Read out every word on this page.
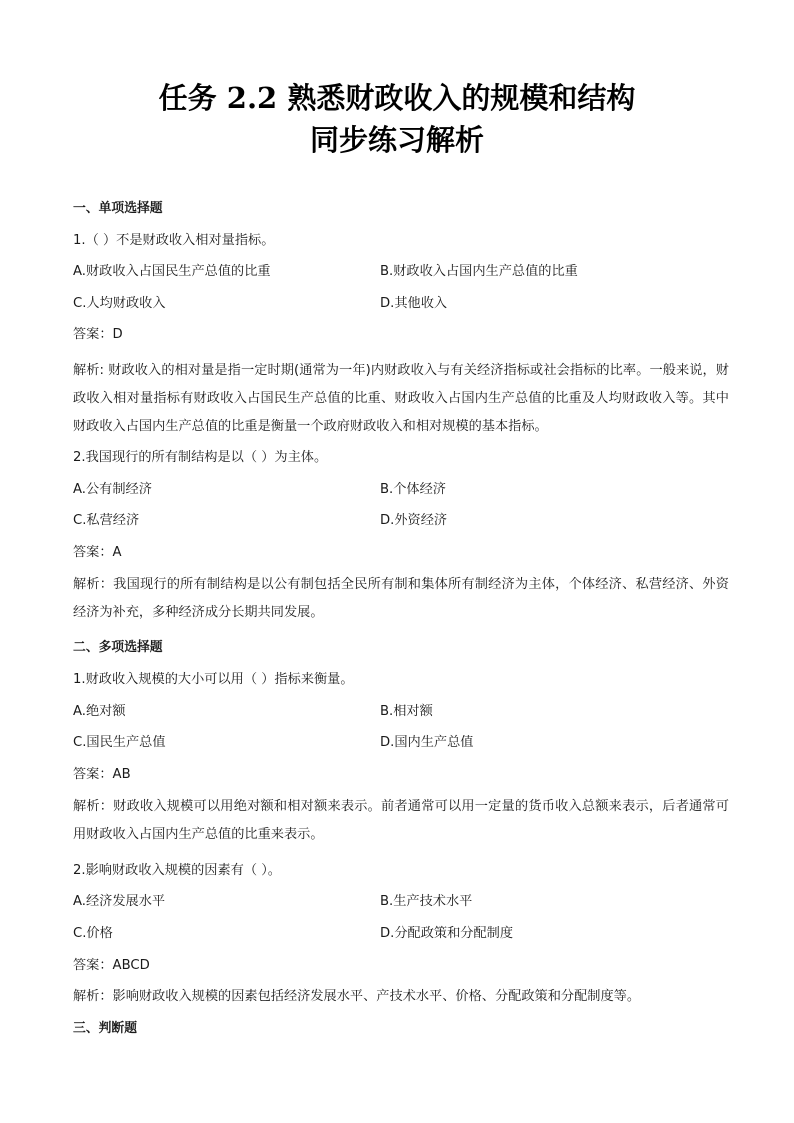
任务 2.2 熟悉财政收入的规模和结构
同步练习解析
一、单项选择题
1.（ ）不是财政收入相对量指标。
A.财政收入占国民生产总值的比重	B.财政收入占国内生产总值的比重
C.人均财政收入	D.其他收入
答案：D
解析: 财政收入的相对量是指一定时期(通常为一年)内财政收入与有关经济指标或社会指标的比率。一般来说，财政收入相对量指标有财政收入占国民生产总值的比重、财政收入占国内生产总值的比重及人均财政收入等。其中财政收入占国内生产总值的比重是衡量一个政府财政收入和相对规模的基本指标。
2.我国现行的所有制结构是以（ ）为主体。
A.公有制经济	B.个体经济
C.私营经济	D.外资经济
答案：A
解析：我国现行的所有制结构是以公有制包括全民所有制和集体所有制经济为主体，个体经济、私营经济、外资经济为补充，多种经济成分长期共同发展。
二、多项选择题
1.财政收入规模的大小可以用（ ）指标来衡量。
A.绝对额	B.相对额
C.国民生产总值	D.国内生产总值
答案：AB
解析：财政收入规模可以用绝对额和相对额来表示。前者通常可以用一定量的货币收入总额来表示，后者通常可用财政收入占国内生产总值的比重来表示。
2.影响财政收入规模的因素有（ ）。
A.经济发展水平	B.生产技术水平
C.价格	D.分配政策和分配制度
答案：ABCD
解析：影响财政收入规模的因素包括经济发展水平、产技术水平、价格、分配政策和分配制度等。
三、判断题
